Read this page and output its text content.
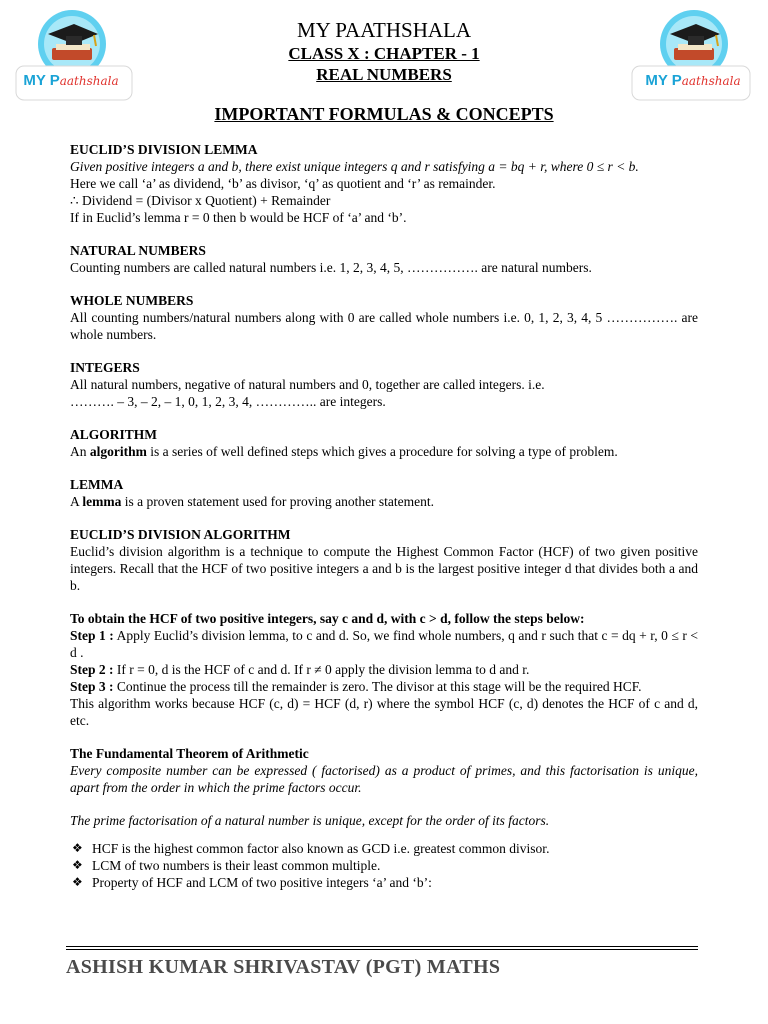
MY Paathshala	MY Paathshala
MY PAATHSHALA
CLASS X : CHAPTER - 1
REAL NUMBERS
IMPORTANT FORMULAS & CONCEPTS

EUCLID’S DIVISION LEMMA

Given positive integers a and b, there exist unique integers q and r satisfying a = bq + r, where 0 ≤ r < b.

Here we call ‘a’ as dividend, ‘b’ as divisor, ‘q’ as quotient and ‘r’ as remainder.

∴ Dividend = (Divisor x Quotient) + Remainder

If in Euclid’s lemma r = 0 then b would be HCF of ‘a’ and ‘b’.

NATURAL NUMBERS

Counting numbers are called natural numbers i.e. 1, 2, 3, 4, 5, ……………. are natural numbers.

WHOLE NUMBERS

All counting numbers/natural numbers along with 0 are called whole numbers i.e. 0, 1, 2, 3, 4, 5 ……………. are whole numbers.

INTEGERS

All natural numbers, negative of natural numbers and 0, together are called integers. i.e.

………. – 3, – 2, – 1, 0, 1, 2, 3, 4, ………….. are integers.

ALGORITHM

An algorithm is a series of well defined steps which gives a procedure for solving a type of problem.

LEMMA

A lemma is a proven statement used for proving another statement.

EUCLID’S DIVISION ALGORITHM

Euclid’s division algorithm is a technique to compute the Highest Common Factor (HCF) of two given positive integers. Recall that the HCF of two positive integers a and b is the largest positive integer d that divides both a and b.

To obtain the HCF of two positive integers, say c and d, with c > d, follow the steps below:

Step 1 : Apply Euclid’s division lemma, to c and d. So, we find whole numbers, q and r such that c = dq + r, 0 ≤ r < d .

Step 2 : If r = 0, d is the HCF of c and d. If r ≠ 0 apply the division lemma to d and r.

Step 3 : Continue the process till the remainder is zero. The divisor at this stage will be the required HCF.

This algorithm works because HCF (c, d) = HCF (d, r) where the symbol HCF (c, d) denotes the HCF of c and d, etc.

The Fundamental Theorem of Arithmetic

Every composite number can be expressed ( factorised) as a product of primes, and this factorisation is unique, apart from the order in which the prime factors occur.

The prime factorisation of a natural number is unique, except for the order of its factors.

❖ HCF is the highest common factor also known as GCD i.e. greatest common divisor.
❖ LCM of two numbers is their least common multiple.
❖ Property of HCF and LCM of two positive integers ‘a’ and ‘b’:
ASHISH KUMAR SHRIVASTAV (PGT) MATHS
